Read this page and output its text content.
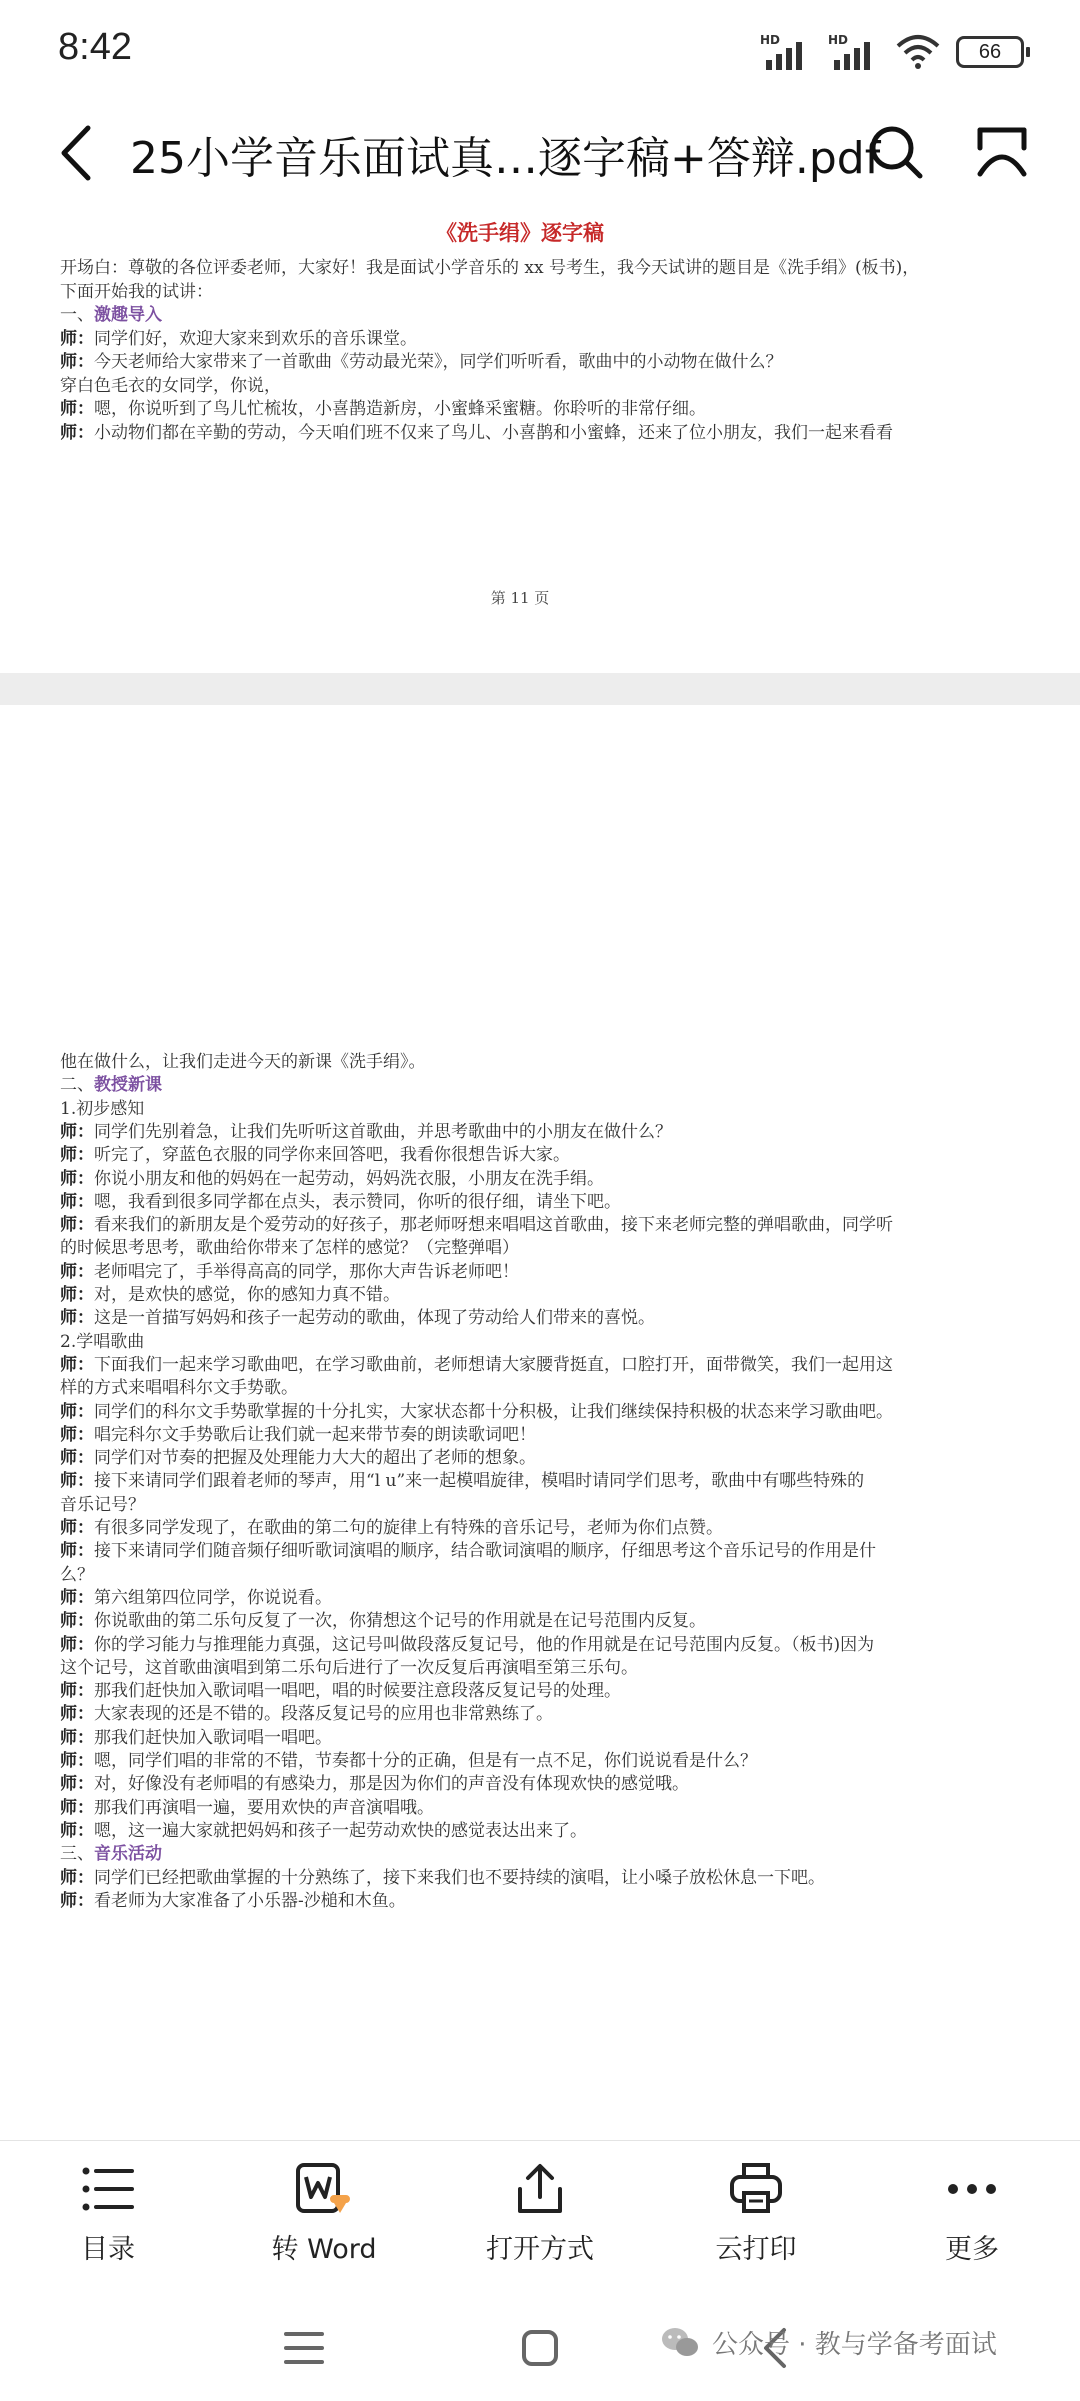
8:42	HD	HD
66
25小学音乐面试真…逐字稿+答辩.pdf
《洗手绢》逐字稿
开场白：尊敬的各位评委老师，大家好！我是面试小学音乐的 xx 号考生，我今天试讲的题目是《洗手绢》(板书)，
下面开始我的试讲：
一、激趣导入
师：同学们好，欢迎大家来到欢乐的音乐课堂。
师：今天老师给大家带来了一首歌曲《劳动最光荣》，同学们听听看，歌曲中的小动物在做什么？
穿白色毛衣的女同学，你说，
师：嗯，你说听到了鸟儿忙梳妆，小喜鹊造新房，小蜜蜂采蜜糖。你聆听的非常仔细。
师：小动物们都在辛勤的劳动，今天咱们班不仅来了鸟儿、小喜鹊和小蜜蜂，还来了位小朋友，我们一起来看看
第 11 页
他在做什么，让我们走进今天的新课《洗手绢》。
二、教授新课
1.初步感知
师：同学们先别着急，让我们先听听这首歌曲，并思考歌曲中的小朋友在做什么？
师：听完了，穿蓝色衣服的同学你来回答吧，我看你很想告诉大家。
师：你说小朋友和他的妈妈在一起劳动，妈妈洗衣服，小朋友在洗手绢。
师：嗯，我看到很多同学都在点头，表示赞同，你听的很仔细，请坐下吧。
师：看来我们的新朋友是个爱劳动的好孩子，那老师呀想来唱唱这首歌曲，接下来老师完整的弹唱歌曲，同学听
的时候思考思考，歌曲给你带来了怎样的感觉？（完整弹唱）
师：老师唱完了，手举得高高的同学，那你大声告诉老师吧！
师：对，是欢快的感觉，你的感知力真不错。
师：这是一首描写妈妈和孩子一起劳动的歌曲，体现了劳动给人们带来的喜悦。
2.学唱歌曲
师：下面我们一起来学习歌曲吧，在学习歌曲前，老师想请大家腰背挺直，口腔打开，面带微笑，我们一起用这
样的方式来唱唱科尔文手势歌。
师：同学们的科尔文手势歌掌握的十分扎实，大家状态都十分积极，让我们继续保持积极的状态来学习歌曲吧。
师：唱完科尔文手势歌后让我们就一起来带节奏的朗读歌词吧！
师：同学们对节奏的把握及处理能力大大的超出了老师的想象。
师：接下来请同学们跟着老师的琴声，用“l u”来一起模唱旋律，模唱时请同学们思考，歌曲中有哪些特殊的
音乐记号？
师：有很多同学发现了，在歌曲的第二句的旋律上有特殊的音乐记号，老师为你们点赞。
师：接下来请同学们随音频仔细听歌词演唱的顺序，结合歌词演唱的顺序，仔细思考这个音乐记号的作用是什
么？
师：第六组第四位同学，你说说看。
师：你说歌曲的第二乐句反复了一次，你猜想这个记号的作用就是在记号范围内反复。
师：你的学习能力与推理能力真强，这记号叫做段落反复记号，他的作用就是在记号范围内反复。（板书)因为
这个记号，这首歌曲演唱到第二乐句后进行了一次反复后再演唱至第三乐句。
师：那我们赶快加入歌词唱一唱吧，唱的时候要注意段落反复记号的处理。
师：大家表现的还是不错的。段落反复记号的应用也非常熟练了。
师：那我们赶快加入歌词唱一唱吧。
师：嗯，同学们唱的非常的不错，节奏都十分的正确，但是有一点不足，你们说说看是什么？
师：对，好像没有老师唱的有感染力，那是因为你们的声音没有体现欢快的感觉哦。
师：那我们再演唱一遍，要用欢快的声音演唱哦。
师：嗯，这一遍大家就把妈妈和孩子一起劳动欢快的感觉表达出来了。
三、音乐活动
师：同学们已经把歌曲掌握的十分熟练了，接下来我们也不要持续的演唱，让小嗓子放松休息一下吧。
师：看老师为大家准备了小乐器-沙槌和木鱼。
目录	转 Word	打开方式	云打印	更多
公众号 · 教与学备考面试
